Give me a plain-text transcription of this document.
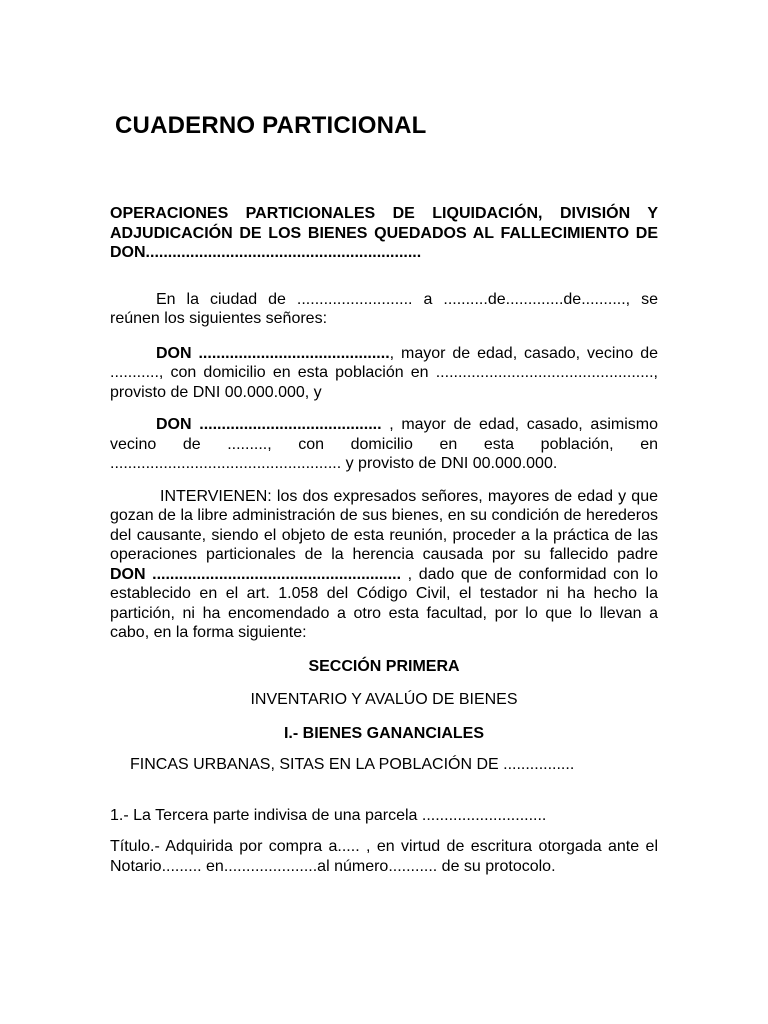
CUADERNO PARTICIONAL

OPERACIONES PARTICIONALES DE LIQUIDACIÓN, DIVISIÓN Y ADJUDICACIÓN DE LOS BIENES QUEDADOS AL FALLECIMIENTO DE DON..............................................................

En la ciudad de .......................... a ..........de.............de.........., se reúnen los siguientes señores:

DON ..........................................., mayor de edad, casado, vecino de ..........., con domicilio en esta población en ................................................., provisto de DNI 00.000.000, y

DON ......................................... , mayor de edad, casado, asimismo vecino de ........., con domicilio en esta población, en .................................................... y provisto de DNI 00.000.000.

INTERVIENEN: los dos expresados señores, mayores de edad y que gozan de la libre administración de sus bienes, en su condición de herederos del causante, siendo el objeto de esta reunión, proceder a la práctica de las operaciones particionales de la herencia causada por su fallecido padre DON ........................................................ , dado que de conformidad con lo establecido en el art. 1.058 del Código Civil, el testador ni ha hecho la partición, ni ha encomendado a otro esta facultad, por lo que lo llevan a cabo, en la forma siguiente:

SECCIÓN PRIMERA

INVENTARIO Y AVALÚO DE BIENES

I.- BIENES GANANCIALES

FINCAS URBANAS, SITAS EN LA POBLACIÓN DE ................

1.- La Tercera parte indivisa de una parcela ............................

Título.- Adquirida por compra a..... , en virtud de escritura otorgada ante el Notario......... en.....................al número........... de su protocolo.
